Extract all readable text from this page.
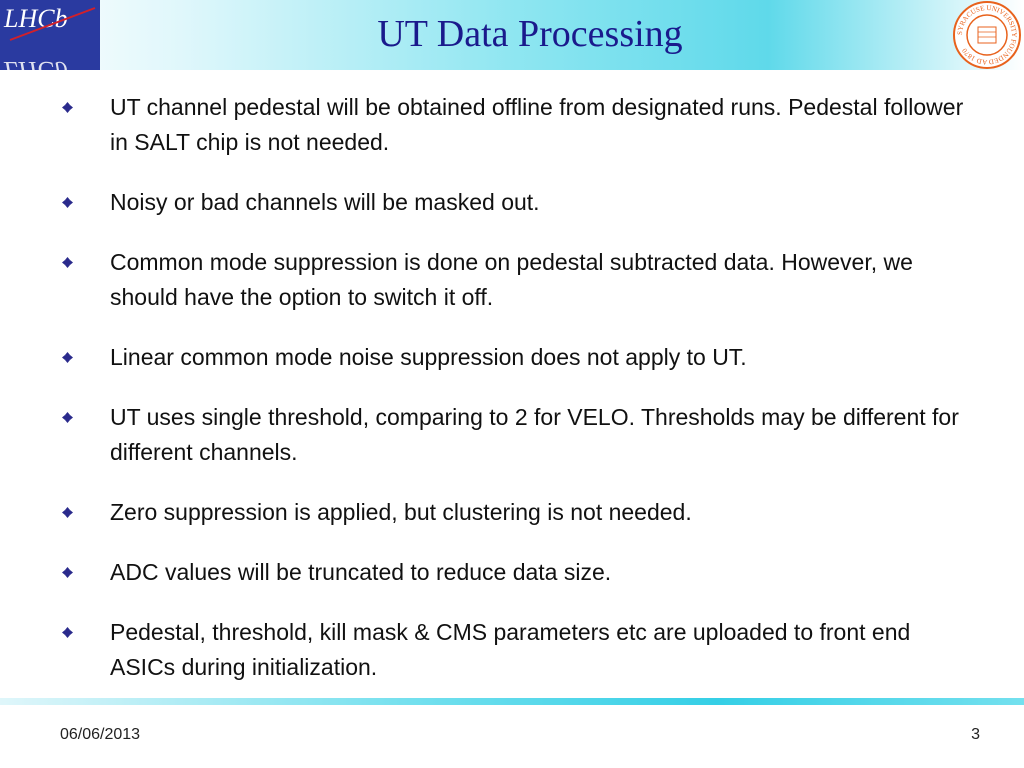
LHCb
LHCb
UT Data Processing	SYRACUSE UNIVERSITY FOUNDED AD 1870
UT channel pedestal will be obtained offline from designated runs. Pedestal follower in SALT chip is not needed.
Noisy or bad channels will be masked out.
Common mode suppression is done on pedestal subtracted data. However, we should have the option to switch it off.
Linear common mode noise suppression does not apply to UT.
UT uses single threshold, comparing to 2 for VELO. Thresholds may be different for different channels.
Zero suppression is applied, but clustering is not needed.
ADC values will be truncated to reduce data size.
Pedestal, threshold, kill mask & CMS parameters etc are uploaded to front end ASICs during initialization.
06/06/2013	3
